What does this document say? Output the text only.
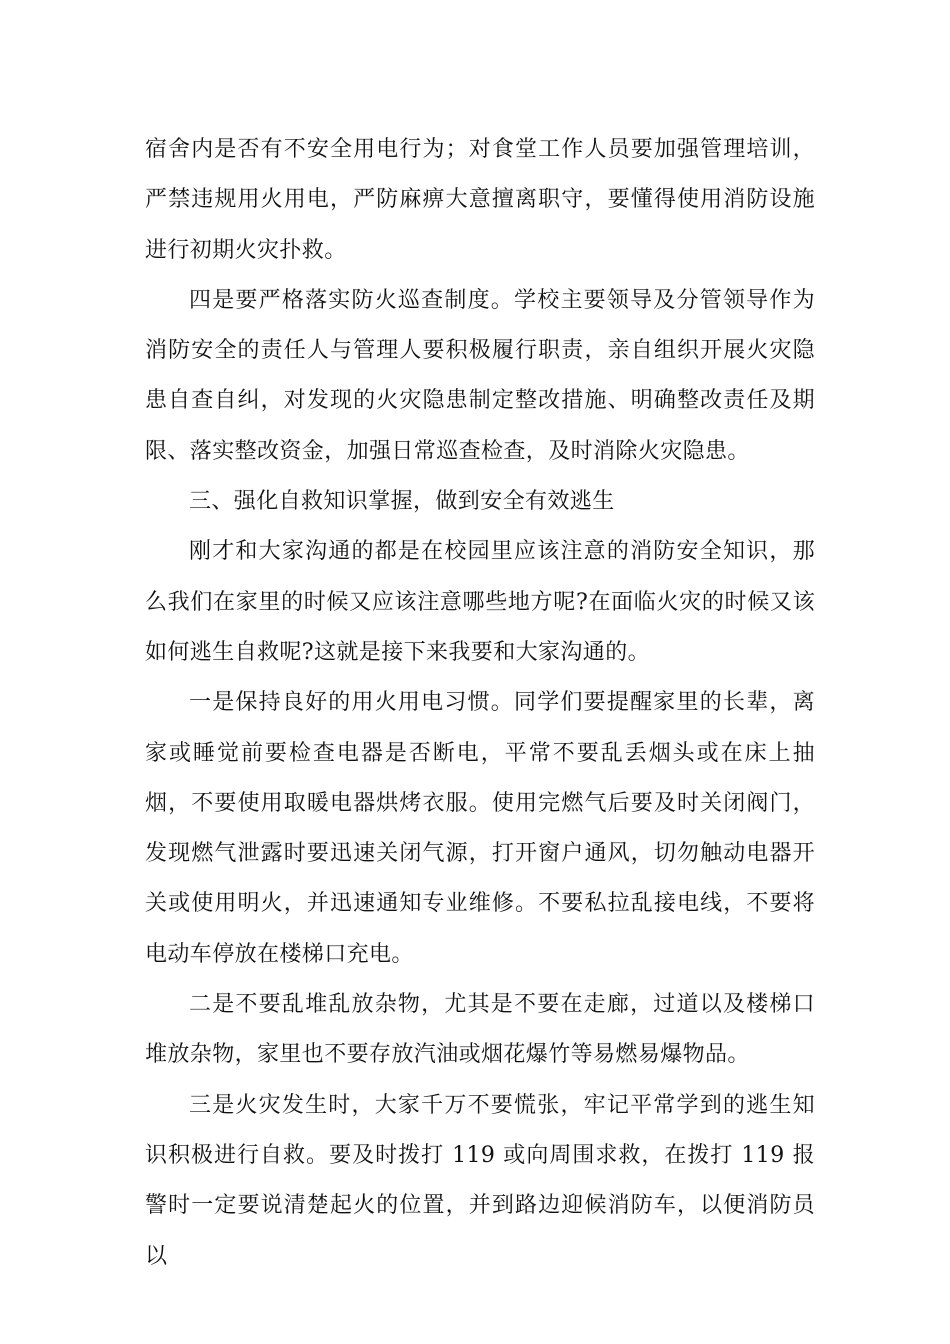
宿舍内是否有不安全用电行为；对食堂工作人员要加强管理培训，严禁违规用火用电，严防麻痹大意擅离职守，要懂得使用消防设施进行初期火灾扑救。

四是要严格落实防火巡查制度。学校主要领导及分管领导作为消防安全的责任人与管理人要积极履行职责，亲自组织开展火灾隐患自查自纠，对发现的火灾隐患制定整改措施、明确整改责任及期限、落实整改资金，加强日常巡查检查，及时消除火灾隐患。

三、强化自救知识掌握，做到安全有效逃生

刚才和大家沟通的都是在校园里应该注意的消防安全知识，那么我们在家里的时候又应该注意哪些地方呢?在面临火灾的时候又该如何逃生自救呢?这就是接下来我要和大家沟通的。

一是保持良好的用火用电习惯。同学们要提醒家里的长辈，离家或睡觉前要检查电器是否断电，平常不要乱丢烟头或在床上抽烟，不要使用取暖电器烘烤衣服。使用完燃气后要及时关闭阀门，发现燃气泄露时要迅速关闭气源，打开窗户通风，切勿触动电器开关或使用明火，并迅速通知专业维修。不要私拉乱接电线，不要将电动车停放在楼梯口充电。

二是不要乱堆乱放杂物，尤其是不要在走廊，过道以及楼梯口堆放杂物，家里也不要存放汽油或烟花爆竹等易燃易爆物品。

三是火灾发生时，大家千万不要慌张，牢记平常学到的逃生知识积极进行自救。要及时拨打 119 或向周围求救，在拨打 119 报警时一定要说清楚起火的位置，并到路边迎候消防车，以便消防员以
